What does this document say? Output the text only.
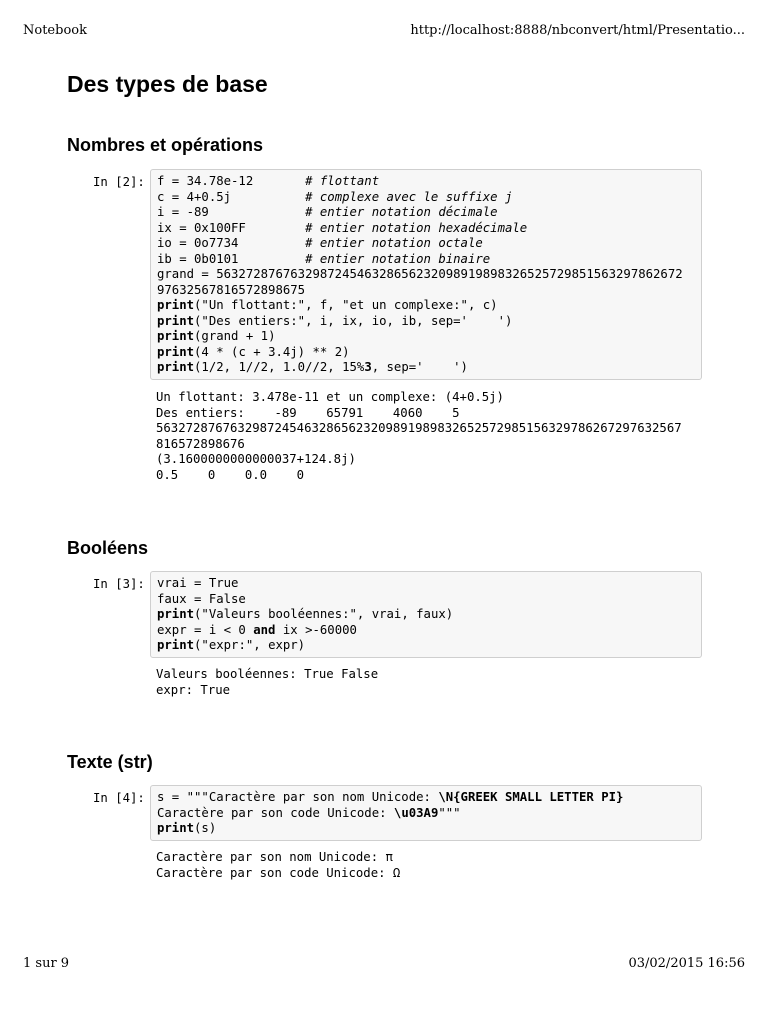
Notebook	http://localhost:8888/nbconvert/html/Presentatio...
Des types de base
Nombres et opérations
In [2]: f = 34.78e-12       # flottant
c = 4+0.5j          # complexe avec le suffixe j
i = -89             # entier notation décimale
ix = 0x100FF        # entier notation hexadécimale
io = 0o7734         # entier notation octale
ib = 0b0101         # entier notation binaire
grand = 563272876763298724546328656232098919898326525729851563297862672
97632567816572898675
print("Un flottant:", f, "et un complexe:", c)
print("Des entiers:", i, ix, io, ib, sep='    ')
print(grand + 1)
print(4 * (c + 3.4j) ** 2)
print(1/2, 1//2, 1.0//2, 15%3, sep='    ')
Un flottant: 3.478e-11 et un complexe: (4+0.5j)
Des entiers:    -89    65791    4060    5
56327287676329872454632865623209891989832652572985156329786267297632567
816572898676
(3.1600000000000037+124.8j)
0.5    0    0.0    0
Booléens
In [3]: vrai = True
faux = False
print("Valeurs booléennes:", vrai, faux)
expr = i < 0 and ix >-60000
print("expr:", expr)
Valeurs booléennes: True False
expr: True
Texte (str)
In [4]: s = """Caractère par son nom Unicode: \N{GREEK SMALL LETTER PI}
Caractère par son code Unicode: \u03A9"""
print(s)
Caractère par son nom Unicode: π
Caractère par son code Unicode: Ω
1 sur 9	03/02/2015 16:56
